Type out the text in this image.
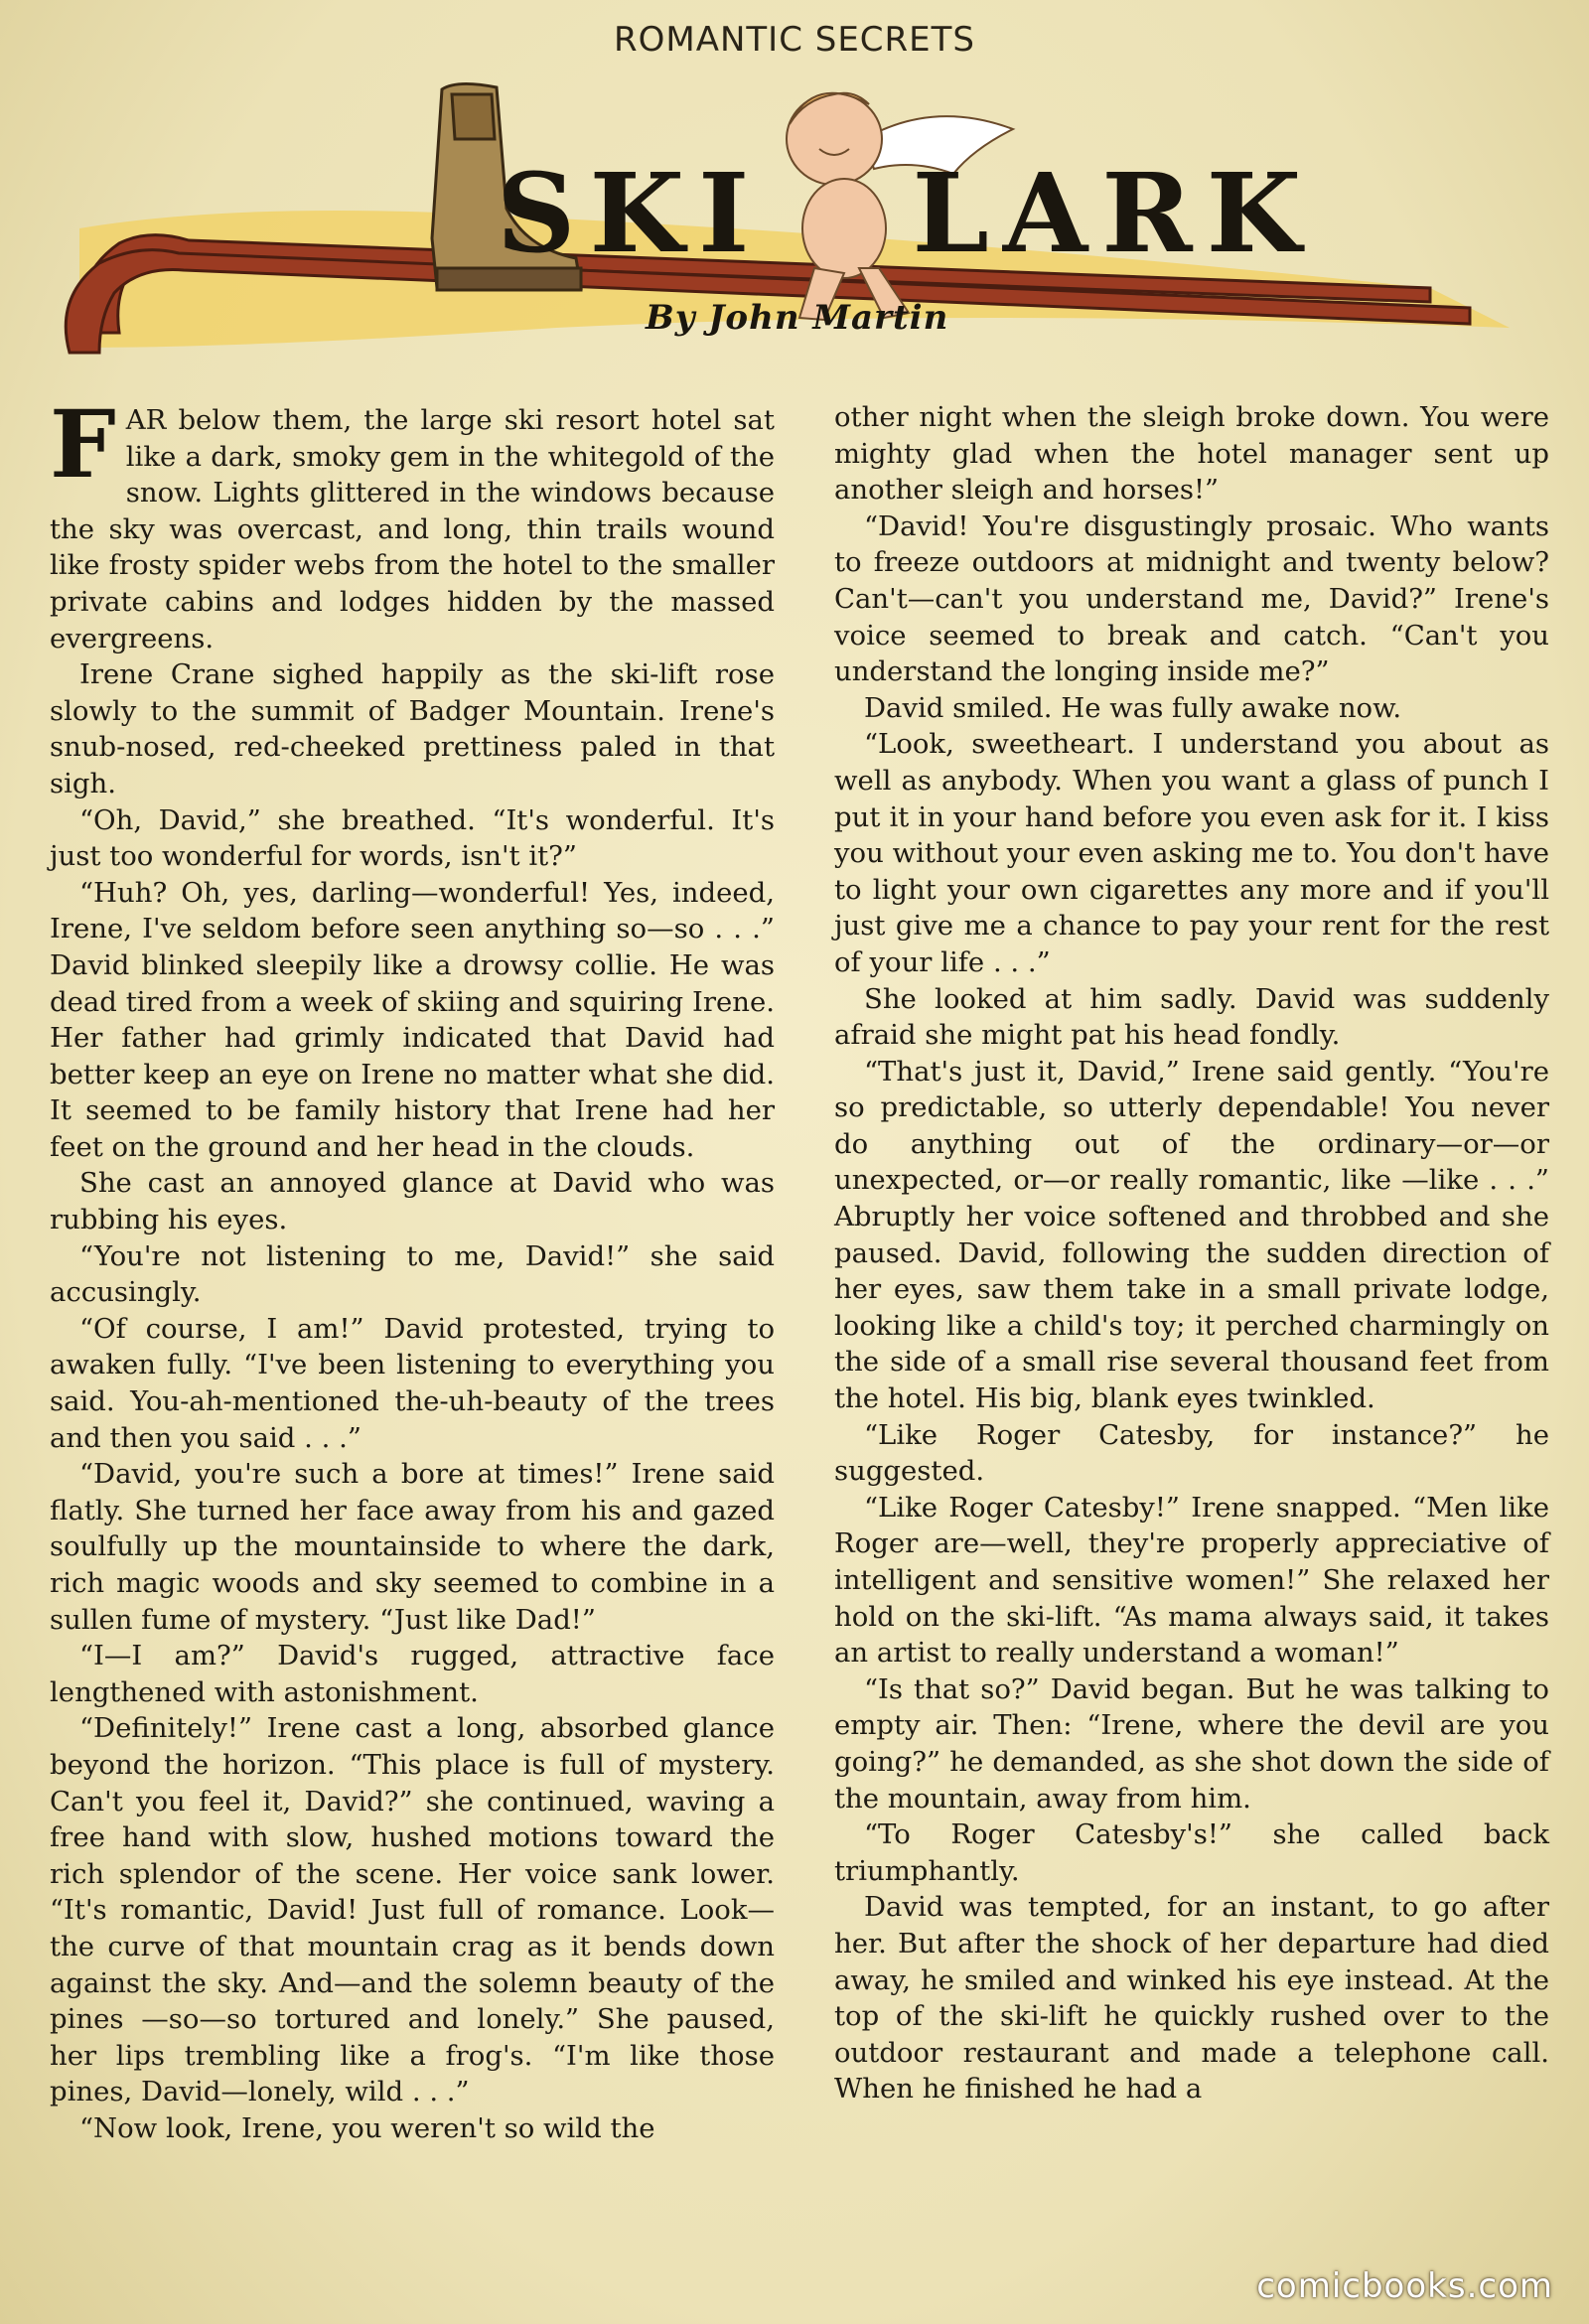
ROMANTIC SECRETS
SKI LARK
By John Martin

FAR below them, the large ski resort hotel sat like a dark, smoky gem in the whitegold of the snow. Lights glittered in the windows because the sky was overcast, and long, thin trails wound like frosty spider webs from the hotel to the smaller private cabins and lodges hidden by the massed evergreens.

Irene Crane sighed happily as the ski-lift rose slowly to the summit of Badger Mountain. Irene's snub-nosed, red-cheeked prettiness paled in that sigh.

“Oh, David,” she breathed. “It's wonderful. It's just too wonderful for words, isn't it?”

“Huh? Oh, yes, darling—wonderful! Yes, indeed, Irene, I've seldom before seen anything so—so . . .” David blinked sleepily like a drowsy collie. He was dead tired from a week of skiing and squiring Irene. Her father had grimly indicated that David had better keep an eye on Irene no matter what she did. It seemed to be family history that Irene had her feet on the ground and her head in the clouds.

She cast an annoyed glance at David who was rubbing his eyes.

“You're not listening to me, David!” she said accusingly.

“Of course, I am!” David protested, trying to awaken fully. “I've been listening to everything you said. You-ah-mentioned the-uh-beauty of the trees and then you said . . .”

“David, you're such a bore at times!” Irene said flatly. She turned her face away from his and gazed soulfully up the mountainside to where the dark, rich magic woods and sky seemed to combine in a sullen fume of mystery. “Just like Dad!”

“I—I am?” David's rugged, attractive face lengthened with astonishment.

“Definitely!” Irene cast a long, absorbed glance beyond the horizon. “This place is full of mystery. Can't you feel it, David?” she continued, waving a free hand with slow, hushed motions toward the rich splendor of the scene. Her voice sank lower. “It's romantic, David! Just full of romance. Look—the curve of that mountain crag as it bends down against the sky. And—and the solemn beauty of the pines —so—so tortured and lonely.” She paused, her lips trembling like a frog's. “I'm like those pines, David—lonely, wild . . .”

“Now look, Irene, you weren't so wild the

other night when the sleigh broke down. You were mighty glad when the hotel manager sent up another sleigh and horses!”

“David! You're disgustingly prosaic. Who wants to freeze outdoors at midnight and twenty below? Can't—can't you understand me, David?” Irene's voice seemed to break and catch. “Can't you understand the longing inside me?”

David smiled. He was fully awake now.

“Look, sweetheart. I understand you about as well as anybody. When you want a glass of punch I put it in your hand before you even ask for it. I kiss you without your even asking me to. You don't have to light your own cigarettes any more and if you'll just give me a chance to pay your rent for the rest of your life . . .”

She looked at him sadly. David was suddenly afraid she might pat his head fondly.

“That's just it, David,” Irene said gently. “You're so predictable, so utterly dependable! You never do anything out of the ordinary—or—or unexpected, or—or really romantic, like —like . . .” Abruptly her voice softened and throbbed and she paused. David, following the sudden direction of her eyes, saw them take in a small private lodge, looking like a child's toy; it perched charmingly on the side of a small rise several thousand feet from the hotel. His big, blank eyes twinkled.

“Like Roger Catesby, for instance?” he suggested.

“Like Roger Catesby!” Irene snapped. “Men like Roger are—well, they're properly appreciative of intelligent and sensitive women!” She relaxed her hold on the ski-lift. “As mama always said, it takes an artist to really understand a woman!”

“Is that so?” David began. But he was talking to empty air. Then: “Irene, where the devil are you going?” he demanded, as she shot down the side of the mountain, away from him.

“To Roger Catesby's!” she called back triumphantly.

David was tempted, for an instant, to go after her. But after the shock of her departure had died away, he smiled and winked his eye instead. At the top of the ski-lift he quickly rushed over to the outdoor restaurant and made a telephone call. When he finished he had a

comicbooks.com
